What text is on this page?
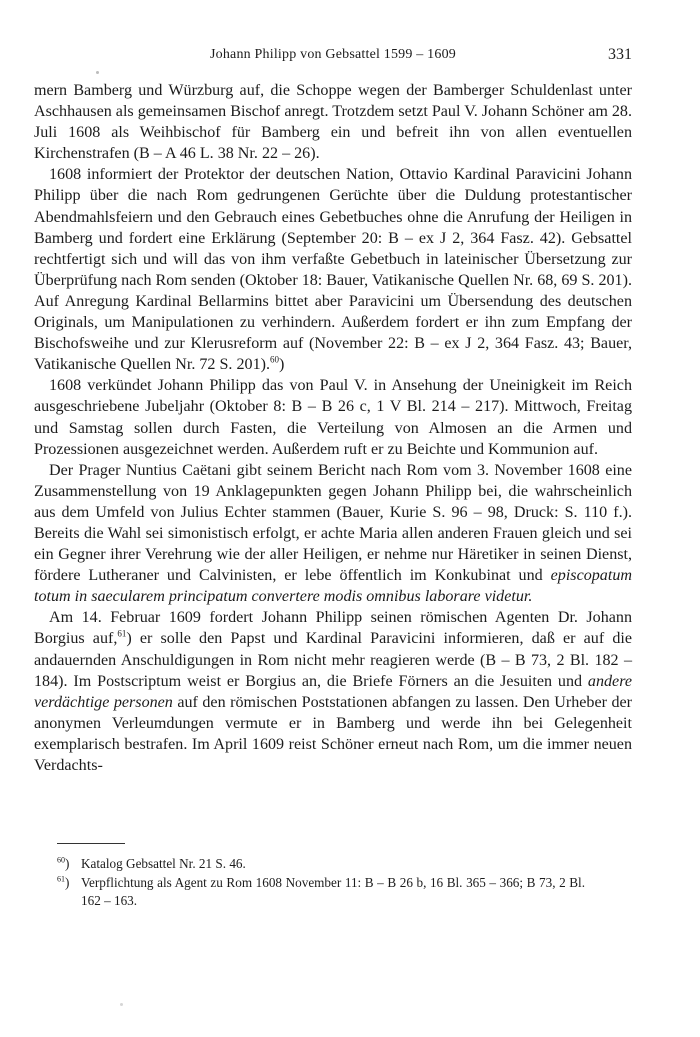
Johann Philipp von Gebsattel 1599 – 1609	331

mern Bamberg und Würzburg auf, die Schoppe wegen der Bamberger Schuldenlast unter Aschhausen als gemeinsamen Bischof anregt. Trotzdem setzt Paul V. Johann Schöner am 28. Juli 1608 als Weihbischof für Bamberg ein und befreit ihn von allen eventuellen Kirchenstrafen (B – A 46 L. 38 Nr. 22 – 26).

1608 informiert der Protektor der deutschen Nation, Ottavio Kardinal Paravicini Johann Philipp über die nach Rom gedrungenen Gerüchte über die Duldung protestantischer Abendmahlsfeiern und den Gebrauch eines Gebetbuches ohne die Anrufung der Heiligen in Bamberg und fordert eine Erklärung (September 20: B – ex J 2, 364 Fasz. 42). Gebsattel rechtfertigt sich und will das von ihm verfaßte Gebetbuch in lateinischer Übersetzung zur Überprüfung nach Rom senden (Oktober 18: Bauer, Vatikanische Quellen Nr. 68, 69 S. 201). Auf Anregung Kardinal Bellarmins bittet aber Paravicini um Übersendung des deutschen Originals, um Manipulationen zu verhindern. Außerdem fordert er ihn zum Empfang der Bischofsweihe und zur Klerusreform auf (November 22: B – ex J 2, 364 Fasz. 43; Bauer, Vatikanische Quellen Nr. 72 S. 201).$^{60}$)

1608 verkündet Johann Philipp das von Paul V. in Ansehung der Uneinigkeit im Reich ausgeschriebene Jubeljahr (Oktober 8: B – B 26 c, 1 V Bl. 214 – 217). Mittwoch, Freitag und Samstag sollen durch Fasten, die Verteilung von Almosen an die Armen und Prozessionen ausgezeichnet werden. Außerdem ruft er zu Beichte und Kommunion auf.

Der Prager Nuntius Caëtani gibt seinem Bericht nach Rom vom 3. November 1608 eine Zusammenstellung von 19 Anklagepunkten gegen Johann Philipp bei, die wahrscheinlich aus dem Umfeld von Julius Echter stammen (Bauer, Kurie S. 96 – 98, Druck: S. 110 f.). Bereits die Wahl sei simonistisch erfolgt, er achte Maria allen anderen Frauen gleich und sei ein Gegner ihrer Verehrung wie der aller Heiligen, er nehme nur Häretiker in seinen Dienst, fördere Lutheraner und Calvinisten, er lebe öffentlich im Konkubinat und episcopatum totum in saecularem principatum convertere modis omnibus laborare videtur.

Am 14. Februar 1609 fordert Johann Philipp seinen römischen Agenten Dr. Johann Borgius auf,$^{61}$) er solle den Papst und Kardinal Paravicini informieren, daß er auf die andauernden Anschuldigungen in Rom nicht mehr reagieren werde (B – B 73, 2 Bl. 182 – 184). Im Postscriptum weist er Borgius an, die Briefe Förners an die Jesuiten und andere verdächtige personen auf den römischen Poststationen abfangen zu lassen. Den Urheber der anonymen Verleumdungen vermute er in Bamberg und werde ihn bei Gelegenheit exemplarisch bestrafen. Im April 1609 reist Schöner erneut nach Rom, um die immer neuen Verdachts-

$^{60}$) Katalog Gebsattel Nr. 21 S. 46.
$^{61}$) Verpflichtung als Agent zu Rom 1608 November 11: B – B 26 b, 16 Bl. 365 – 366; B 73, 2 Bl. 162 – 163.
